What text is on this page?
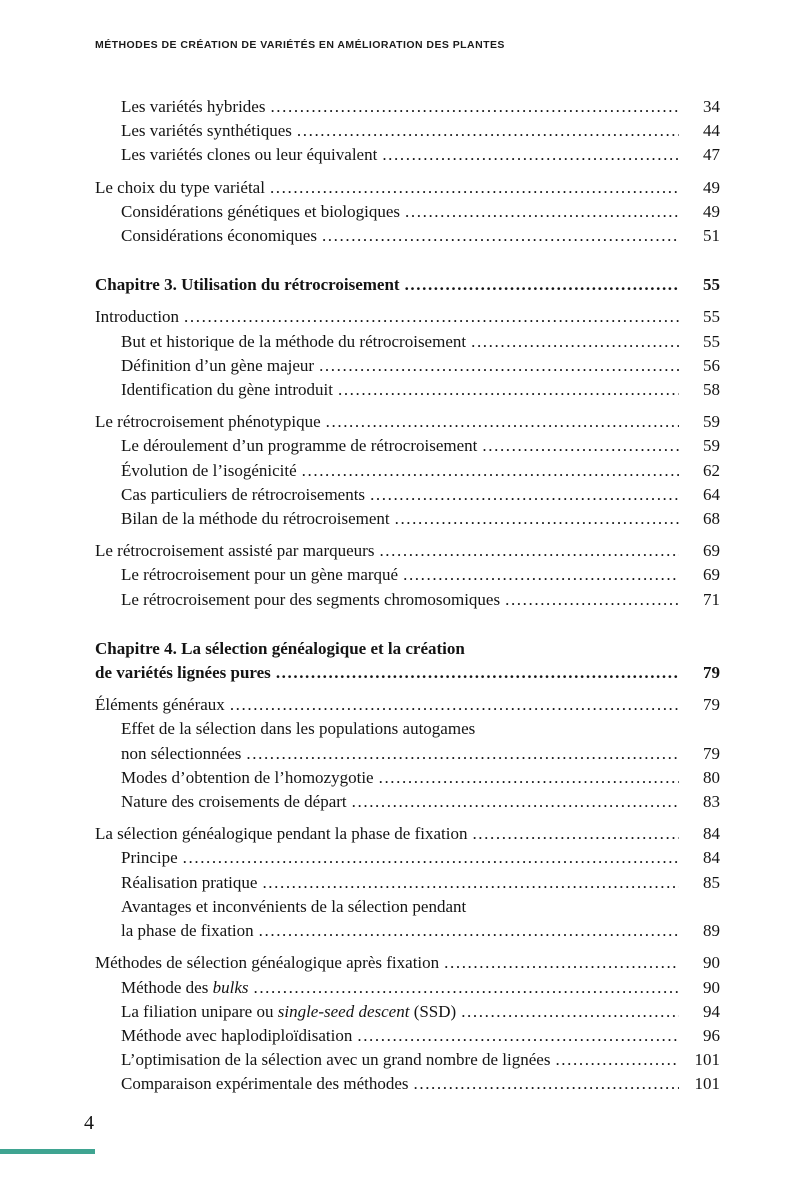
MÉTHODES DE CRÉATION DE VARIÉTÉS EN AMÉLIORATION DES PLANTES
Les variétés hybrides .....	34
Les variétés synthétiques .....	44
Les variétés clones ou leur équivalent .....	47
Le choix du type variétal .....	49
Considérations génétiques et biologiques .....	49
Considérations économiques .....	51
Chapitre 3. Utilisation du rétrocroisement .....	55
Introduction .....	55
But et historique de la méthode du rétrocroisement .....	55
Définition d’un gène majeur .....	56
Identification du gène introduit .....	58
Le rétrocroisement phénotypique .....	59
Le déroulement d’un programme de rétrocroisement .....	59
Évolution de l’isogénicité .....	62
Cas particuliers de rétrocroisements .....	64
Bilan de la méthode du rétrocroisement .....	68
Le rétrocroisement assisté par marqueurs .....	69
Le rétrocroisement pour un gène marqué .....	69
Le rétrocroisement pour des segments chromosomiques .....	71
Chapitre 4. La sélection généalogique et la création
de variétés lignées pures .....	79
Éléments généraux .....	79
Effet de la sélection dans les populations autogames
non sélectionnées .....	79
Modes d’obtention de l’homozygotie .....	80
Nature des croisements de départ .....	83
La sélection généalogique pendant la phase de fixation .....	84
Principe .....	84
Réalisation pratique .....	85
Avantages et inconvénients de la sélection pendant
la phase de fixation .....	89
Méthodes de sélection généalogique après fixation .....	90
Méthode des bulks .....	90
La filiation unipare ou single-seed descent (SSD) .....	94
Méthode avec haplodiploïdisation .....	96
L’optimisation de la sélection avec un grand nombre de lignées .....	101
Comparaison expérimentale des méthodes .....	101
4
